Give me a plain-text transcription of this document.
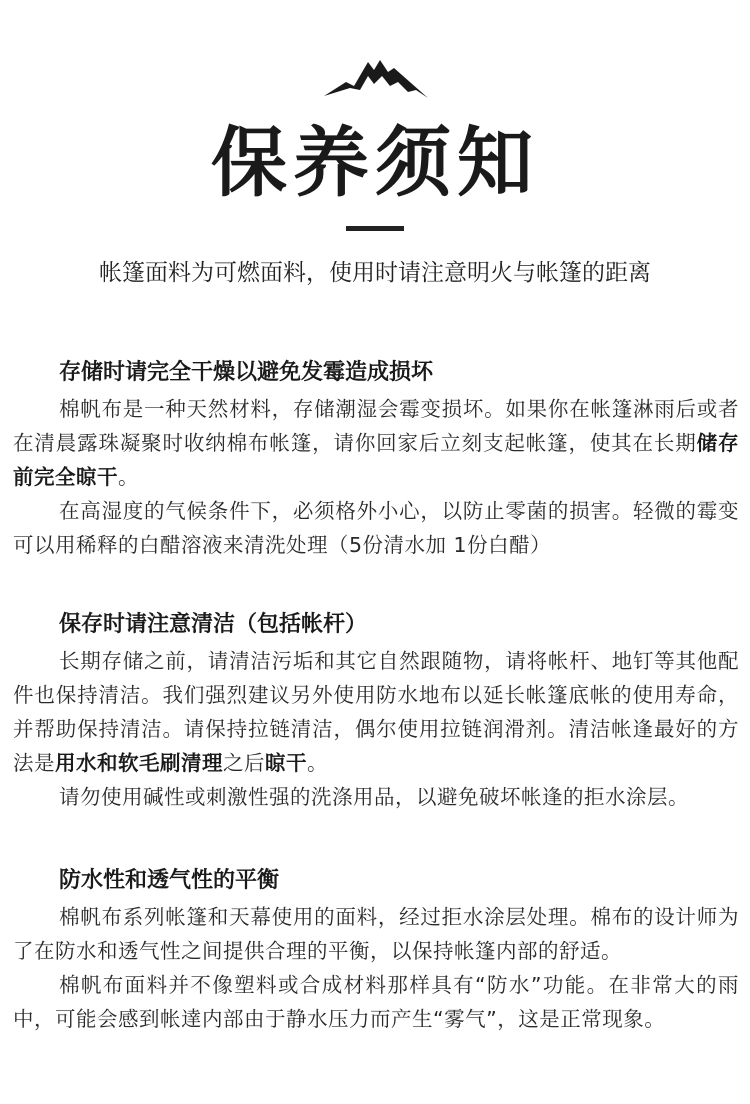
保养须知
帐篷面料为可燃面料，使用时请注意明火与帐篷的距离
存储时请完全干燥以避免发霉造成损坏

棉帆布是一种天然材料，存储潮湿会霉变损坏。如果你在帐篷淋雨后或者在清晨露珠凝聚时收纳棉布帐篷，请你回家后立刻支起帐篷，使其在长期储存前完全晾干。

在高湿度的气候条件下，必须格外小心，以防止零菌的损害。轻微的霉变可以用稀释的白醋溶液来清洗处理（5份清水加 1份白醋）

保存时请注意清洁（包括帐杆）

长期存储之前，请清洁污垢和其它自然跟随物，请将帐杆、地钉等其他配件也保持清洁。我们强烈建议另外使用防水地布以延长帐篷底帐的使用寿命，并帮助保持清洁。请保持拉链清洁，偶尔使用拉链润滑剂。清洁帐逢最好的方法是用水和软毛刷清理之后晾干。

请勿使用碱性或刺激性强的洗涤用品，以避免破坏帐逢的拒水涂层。

防水性和透气性的平衡

棉帆布系列帐篷和天幕使用的面料，经过拒水涂层处理。棉布的设计师为了在防水和透气性之间提供合理的平衡，以保持帐篷内部的舒适。

棉帆布面料并不像塑料或合成材料那样具有“防水”功能。在非常大的雨中，可能会感到帐達内部由于静水压力而产生“雾气”，这是正常现象。
